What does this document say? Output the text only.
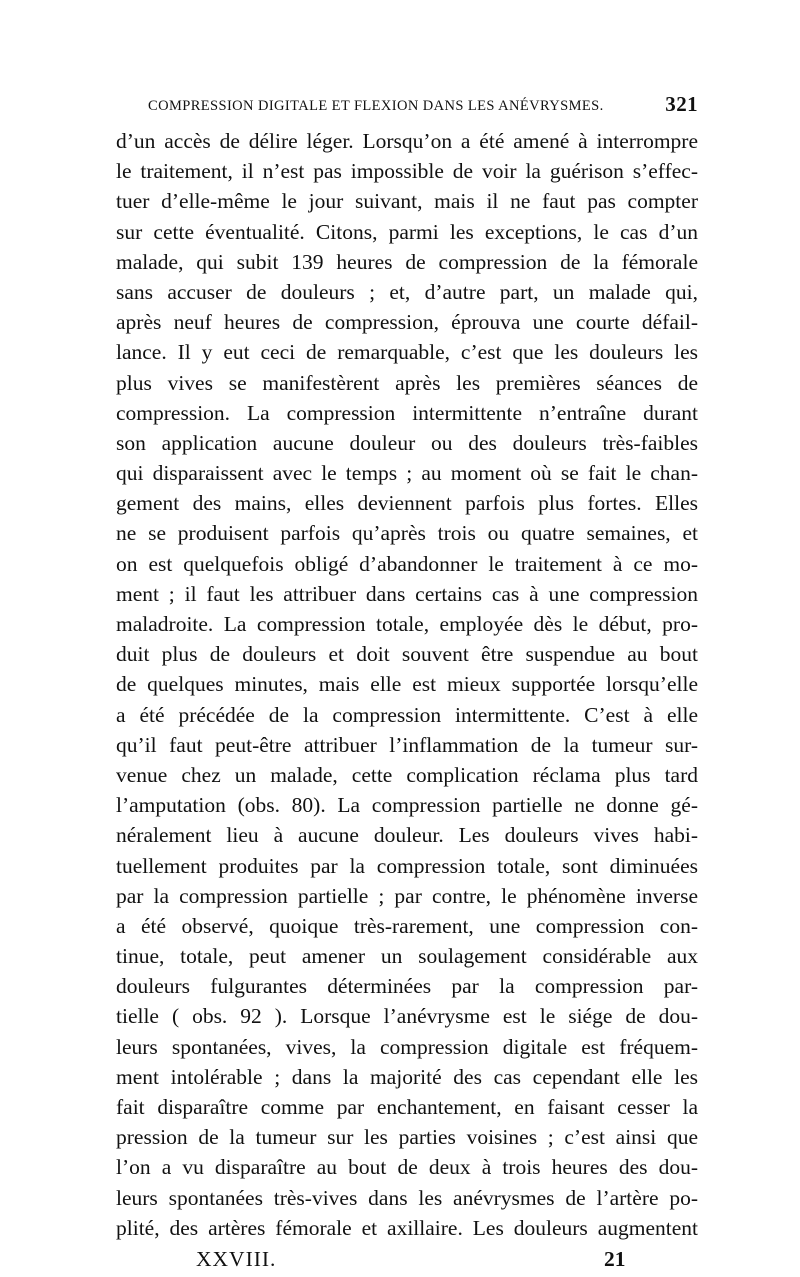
COMPRESSION DIGITALE ET FLEXION DANS LES ANÉVRYSMES.	321
d’un accès de délire léger. Lorsqu’on a été amené à interrompre
le traitement, il n’est pas impossible de voir la guérison s’effec-
tuer d’elle-même le jour suivant, mais il ne faut pas compter
sur cette éventualité. Citons, parmi les exceptions, le cas d’un
malade, qui subit 139 heures de compression de la fémorale
sans accuser de douleurs ; et, d’autre part, un malade qui,
après neuf heures de compression, éprouva une courte défail-
lance. Il y eut ceci de remarquable, c’est que les douleurs les
plus vives se manifestèrent après les premières séances de
compression. La compression intermittente n’entraîne durant
son application aucune douleur ou des douleurs très-faibles
qui disparaissent avec le temps ; au moment où se fait le chan-
gement des mains, elles deviennent parfois plus fortes. Elles
ne se produisent parfois qu’après trois ou quatre semaines, et
on est quelquefois obligé d’abandonner le traitement à ce mo-
ment ; il faut les attribuer dans certains cas à une compression
maladroite. La compression totale, employée dès le début, pro-
duit plus de douleurs et doit souvent être suspendue au bout
de quelques minutes, mais elle est mieux supportée lorsqu’elle
a été précédée de la compression intermittente. C’est à elle
qu’il faut peut-être attribuer l’inflammation de la tumeur sur-
venue chez un malade, cette complication réclama plus tard
l’amputation (obs. 80). La compression partielle ne donne gé-
néralement lieu à aucune douleur. Les douleurs vives habi-
tuellement produites par la compression totale, sont diminuées
par la compression partielle ; par contre, le phénomène inverse
a été observé, quoique très-rarement, une compression con-
tinue, totale, peut amener un soulagement considérable aux
douleurs fulgurantes déterminées par la compression par-
tielle ( obs. 92 ). Lorsque l’anévrysme est le siége de dou-
leurs spontanées, vives, la compression digitale est fréquem-
ment intolérable ; dans la majorité des cas cependant elle les
fait disparaître comme par enchantement, en faisant cesser la
pression de la tumeur sur les parties voisines ; c’est ainsi que
l’on a vu disparaître au bout de deux à trois heures des dou-
leurs spontanées très-vives dans les anévrysmes de l’artère po-
plité, des artères fémorale et axillaire. Les douleurs augmentent
XXVIII.	21
